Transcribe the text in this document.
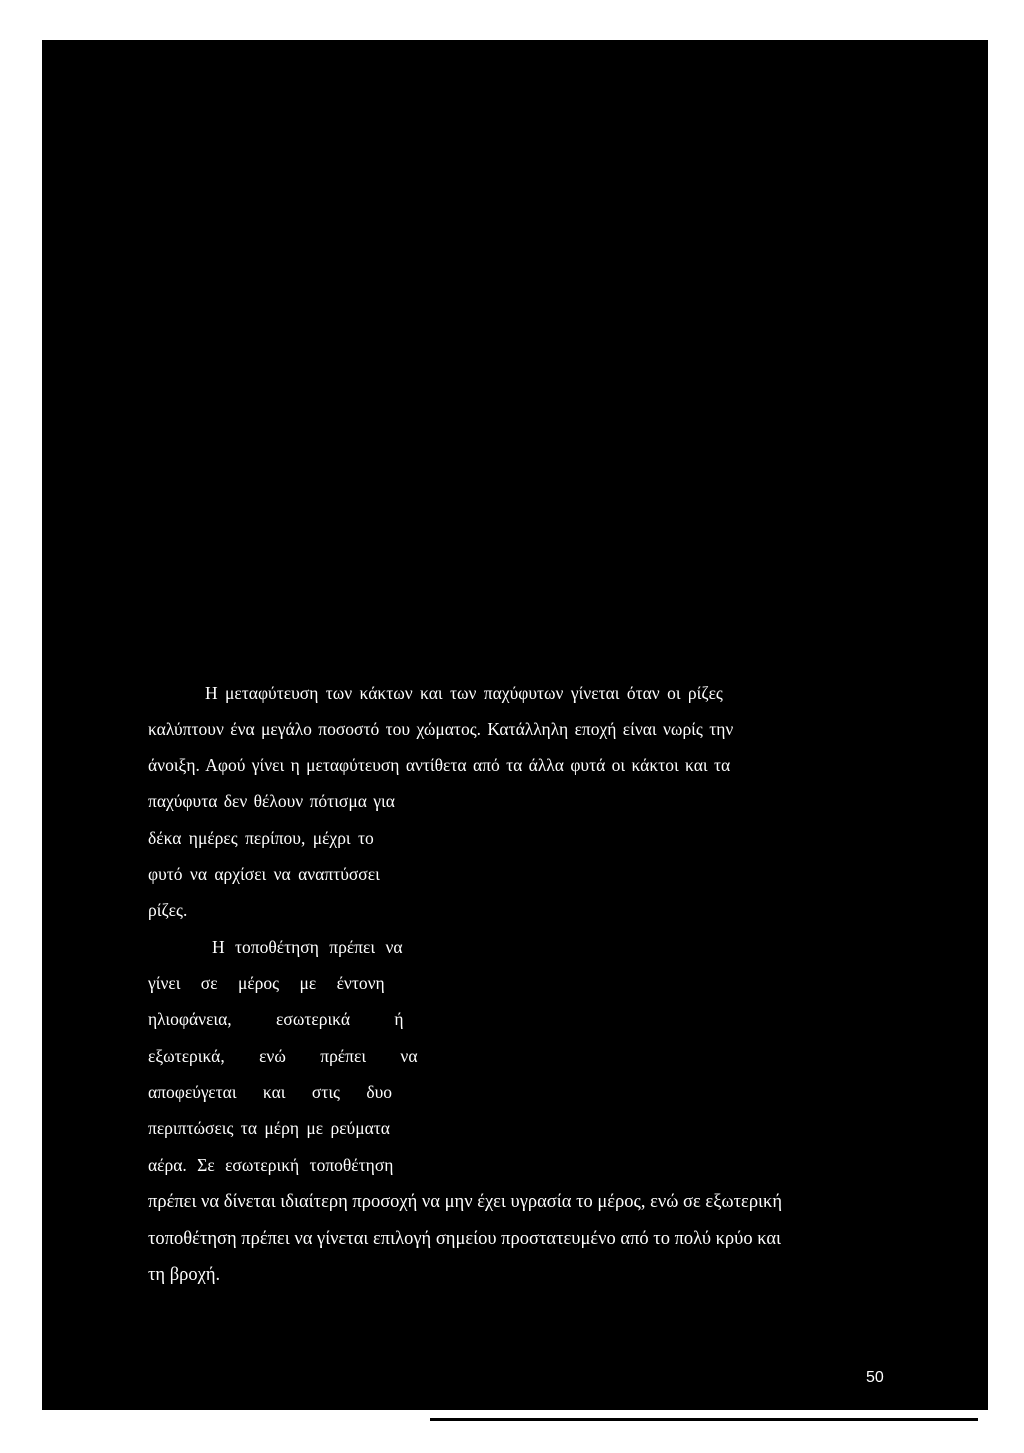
Η μεταφύτευση των κάκτων και των παχύφυτων γίνεται όταν οι ρίζες
καλύπτουν ένα μεγάλο ποσοστό του χώματος. Κατάλληλη εποχή είναι νωρίς την
άνοιξη. Αφού γίνει η μεταφύτευση αντίθετα από τα άλλα φυτά οι κάκτοι και τα
παχύφυτα δεν θέλουν πότισμα για
δέκα ημέρες περίπου, μέχρι το
φυτό να αρχίσει να αναπτύσσει
ρίζες.
Η τοποθέτηση πρέπει να
γίνει σε μέρος με έντονη
ηλιοφάνεια, εσωτερικά ή
εξωτερικά, ενώ πρέπει να
αποφεύγεται και στις δυο
περιπτώσεις τα μέρη με ρεύματα
αέρα. Σε εσωτερική τοποθέτηση
πρέπει να δίνεται ιδιαίτερη προσοχή να μην έχει υγρασία το μέρος, ενώ σε εξωτερική
τοποθέτηση πρέπει να γίνεται επιλογή σημείου προστατευμένο από το πολύ κρύο και
τη βροχή.
50
